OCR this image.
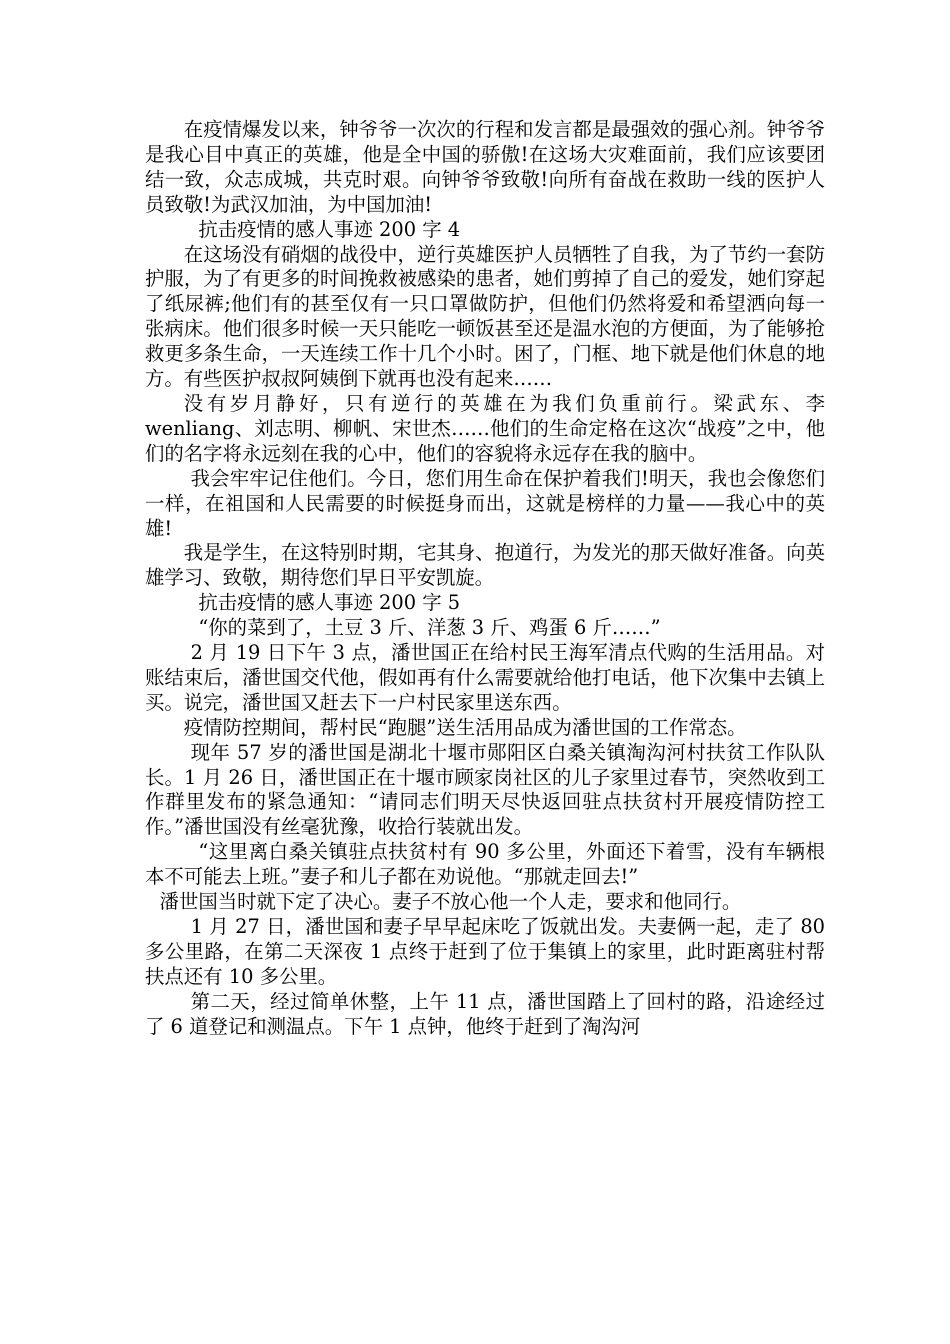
在疫情爆发以来，钟爷爷一次次的行程和发言都是最强效的强心剂。钟爷爷是我心目中真正的英雄，他是全中国的骄傲!在这场大灾难面前，我们应该要团结一致，众志成城，共克时艰。向钟爷爷致敬!向所有奋战在救助一线的医护人员致敬!为武汉加油，为中国加油!

抗击疫情的感人事迹 200 字 4

在这场没有硝烟的战役中，逆行英雄医护人员牺牲了自我，为了节约一套防护服，为了有更多的时间挽救被感染的患者，她们剪掉了自己的爱发，她们穿起了纸尿裤;他们有的甚至仅有一只口罩做防护，但他们仍然将爱和希望洒向每一张病床。他们很多时候一天只能吃一顿饭甚至还是温水泡的方便面，为了能够抢救更多条生命，一天连续工作十几个小时。困了，门框、地下就是他们休息的地方。有些医护叔叔阿姨倒下就再也没有起来……

没有岁月静好，只有逆行的英雄在为我们负重前行。梁武东、李 wenliang、刘志明、柳帆、宋世杰……他们的生命定格在这次“战疫”之中，他们的名字将永远刻在我的心中，他们的容貌将永远存在我的脑中。

我会牢牢记住他们。今日，您们用生命在保护着我们!明天，我也会像您们一样，在祖国和人民需要的时候挺身而出，这就是榜样的力量——我心中的英雄!

我是学生，在这特别时期，宅其身、抱道行，为发光的那天做好准备。向英雄学习、致敬，期待您们早日平安凯旋。

抗击疫情的感人事迹 200 字 5

“你的菜到了，土豆 3 斤、洋葱 3 斤、鸡蛋 6 斤……”

2 月 19 日下午 3 点，潘世国正在给村民王海军清点代购的生活用品。对账结束后，潘世国交代他，假如再有什么需要就给他打电话，他下次集中去镇上买。说完，潘世国又赶去下一户村民家里送东西。

疫情防控期间，帮村民“跑腿”送生活用品成为潘世国的工作常态。

现年 57 岁的潘世国是湖北十堰市郧阳区白桑关镇淘沟河村扶贫工作队队长。1 月 26 日，潘世国正在十堰市顾家岗社区的儿子家里过春节，突然收到工作群里发布的紧急通知：“请同志们明天尽快返回驻点扶贫村开展疫情防控工作。”潘世国没有丝毫犹豫，收拾行装就出发。

“这里离白桑关镇驻点扶贫村有 90 多公里，外面还下着雪，没有车辆根本不可能去上班。”妻子和儿子都在劝说他。“那就走回去!”

潘世国当时就下定了决心。妻子不放心他一个人走，要求和他同行。

1 月 27 日，潘世国和妻子早早起床吃了饭就出发。夫妻俩一起，走了 80 多公里路，在第二天深夜 1 点终于赶到了位于集镇上的家里，此时距离驻村帮扶点还有 10 多公里。

第二天，经过简单休整，上午 11 点，潘世国踏上了回村的路，沿途经过了 6 道登记和测温点。下午 1 点钟，他终于赶到了淘沟河
